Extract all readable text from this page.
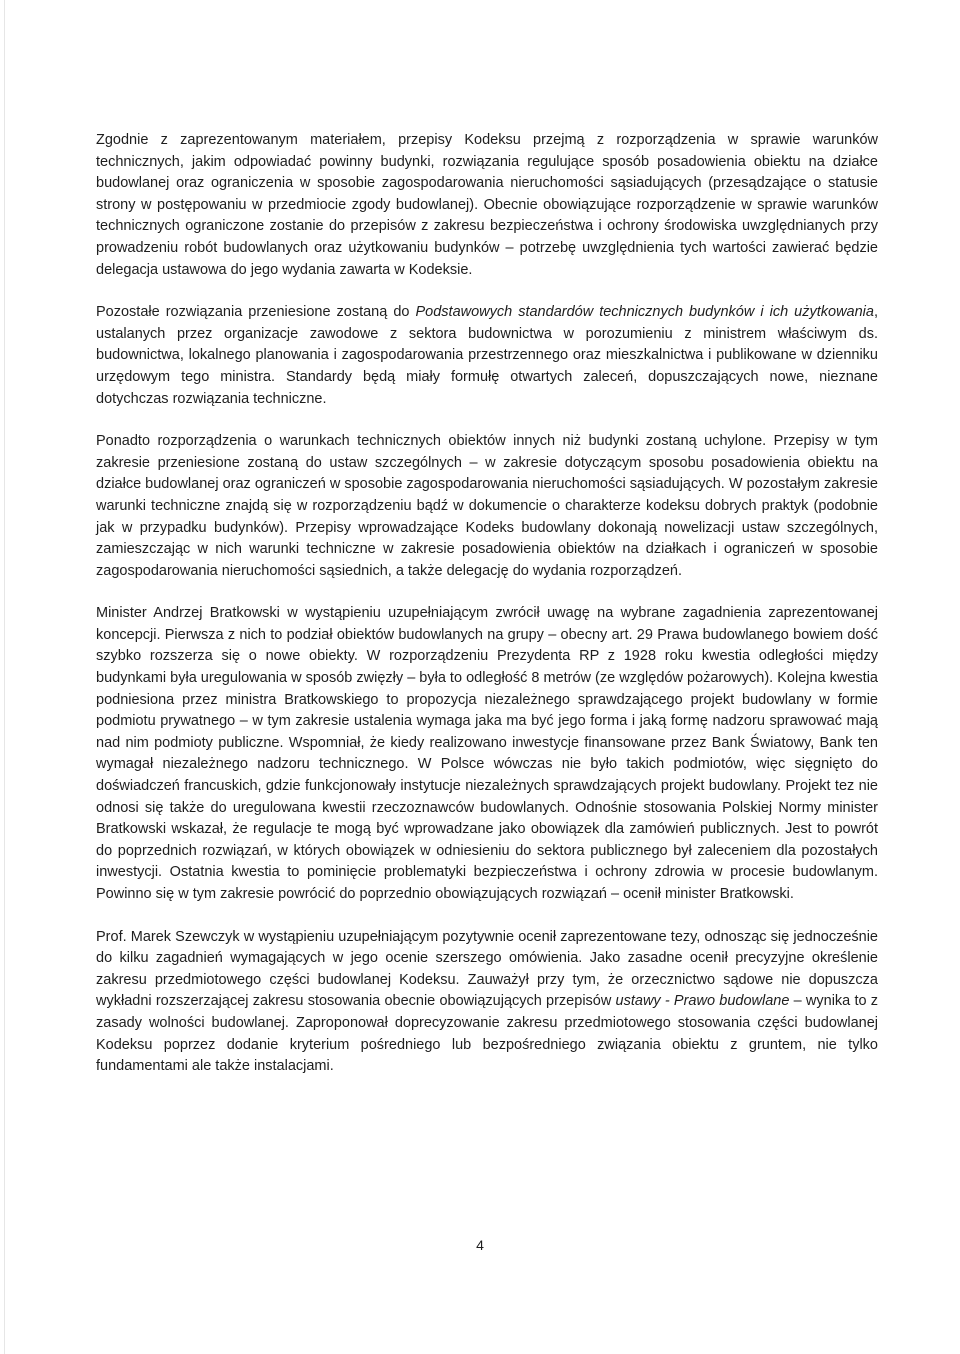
Zgodnie z zaprezentowanym materiałem, przepisy Kodeksu przejmą z rozporządzenia w sprawie warunków technicznych, jakim odpowiadać powinny budynki, rozwiązania regulujące sposób posadowienia obiektu na działce budowlanej oraz ograniczenia w sposobie zagospodarowania nieruchomości sąsiadujących (przesądzające o statusie strony w postępowaniu w przedmiocie zgody budowlanej). Obecnie obowiązujące rozporządzenie w sprawie warunków technicznych ograniczone zostanie do przepisów z zakresu bezpieczeństwa i ochrony środowiska uwzględnianych przy prowadzeniu robót budowlanych oraz użytkowaniu budynków – potrzebę uwzględnienia tych wartości zawierać będzie delegacja ustawowa do jego wydania zawarta w Kodeksie.

Pozostałe rozwiązania przeniesione zostaną do Podstawowych standardów technicznych budynków i ich użytkowania, ustalanych przez organizacje zawodowe z sektora budownictwa w porozumieniu z ministrem właściwym ds. budownictwa, lokalnego planowania i zagospodarowania przestrzennego oraz mieszkalnictwa i publikowane w dzienniku urzędowym tego ministra. Standardy będą miały formułę otwartych zaleceń, dopuszczających nowe, nieznane dotychczas rozwiązania techniczne.

Ponadto rozporządzenia o warunkach technicznych obiektów innych niż budynki zostaną uchylone. Przepisy w tym zakresie przeniesione zostaną do ustaw szczególnych – w zakresie dotyczącym sposobu posadowienia obiektu na działce budowlanej oraz ograniczeń w sposobie zagospodarowania nieruchomości sąsiadujących. W pozostałym zakresie warunki techniczne znajdą się w rozporządzeniu bądź w dokumencie o charakterze kodeksu dobrych praktyk (podobnie jak w przypadku budynków). Przepisy wprowadzające Kodeks budowlany dokonają nowelizacji ustaw szczególnych, zamieszczając w nich warunki techniczne w zakresie posadowienia obiektów na działkach i ograniczeń w sposobie zagospodarowania nieruchomości sąsiednich, a także delegację do wydania rozporządzeń.

Minister Andrzej Bratkowski w wystąpieniu uzupełniającym zwrócił uwagę na wybrane zagadnienia zaprezentowanej koncepcji. Pierwsza z nich to podział obiektów budowlanych na grupy – obecny art. 29 Prawa budowlanego bowiem dość szybko rozszerza się o nowe obiekty. W rozporządzeniu Prezydenta RP z 1928 roku kwestia odległości między budynkami była uregulowania w sposób zwięzły – była to odległość 8 metrów (ze względów pożarowych). Kolejna kwestia podniesiona przez ministra Bratkowskiego to propozycja niezależnego sprawdzającego projekt budowlany w formie podmiotu prywatnego – w tym zakresie ustalenia wymaga jaka ma być jego forma i jaką formę nadzoru sprawować mają nad nim podmioty publiczne. Wspomniał, że kiedy realizowano inwestycje finansowane przez Bank Światowy, Bank ten wymagał niezależnego nadzoru technicznego. W Polsce wówczas nie było takich podmiotów, więc sięgnięto do doświadczeń francuskich, gdzie funkcjonowały instytucje niezależnych sprawdzających projekt budowlany. Projekt tez nie odnosi się także do uregulowana kwestii rzeczoznawców budowlanych. Odnośnie stosowania Polskiej Normy minister Bratkowski wskazał, że regulacje te mogą być wprowadzane jako obowiązek dla zamówień publicznych. Jest to powrót do poprzednich rozwiązań, w których obowiązek w odniesieniu do sektora publicznego był zaleceniem dla pozostałych inwestycji. Ostatnia kwestia to pominięcie problematyki bezpieczeństwa i ochrony zdrowia w procesie budowlanym. Powinno się w tym zakresie powrócić do poprzednio obowiązujących rozwiązań – ocenił minister Bratkowski.

Prof. Marek Szewczyk w wystąpieniu uzupełniającym pozytywnie ocenił zaprezentowane tezy, odnosząc się jednocześnie do kilku zagadnień wymagających w jego ocenie szerszego omówienia. Jako zasadne ocenił precyzyjne określenie zakresu przedmiotowego części budowlanej Kodeksu. Zauważył przy tym, że orzecznictwo sądowe nie dopuszcza wykładni rozszerzającej zakresu stosowania obecnie obowiązujących przepisów ustawy - Prawo budowlane – wynika to z zasady wolności budowlanej. Zaproponował doprecyzowanie zakresu przedmiotowego stosowania części budowlanej Kodeksu poprzez dodanie kryterium pośredniego lub bezpośredniego związania obiektu z gruntem, nie tylko fundamentami ale także instalacjami.

4
